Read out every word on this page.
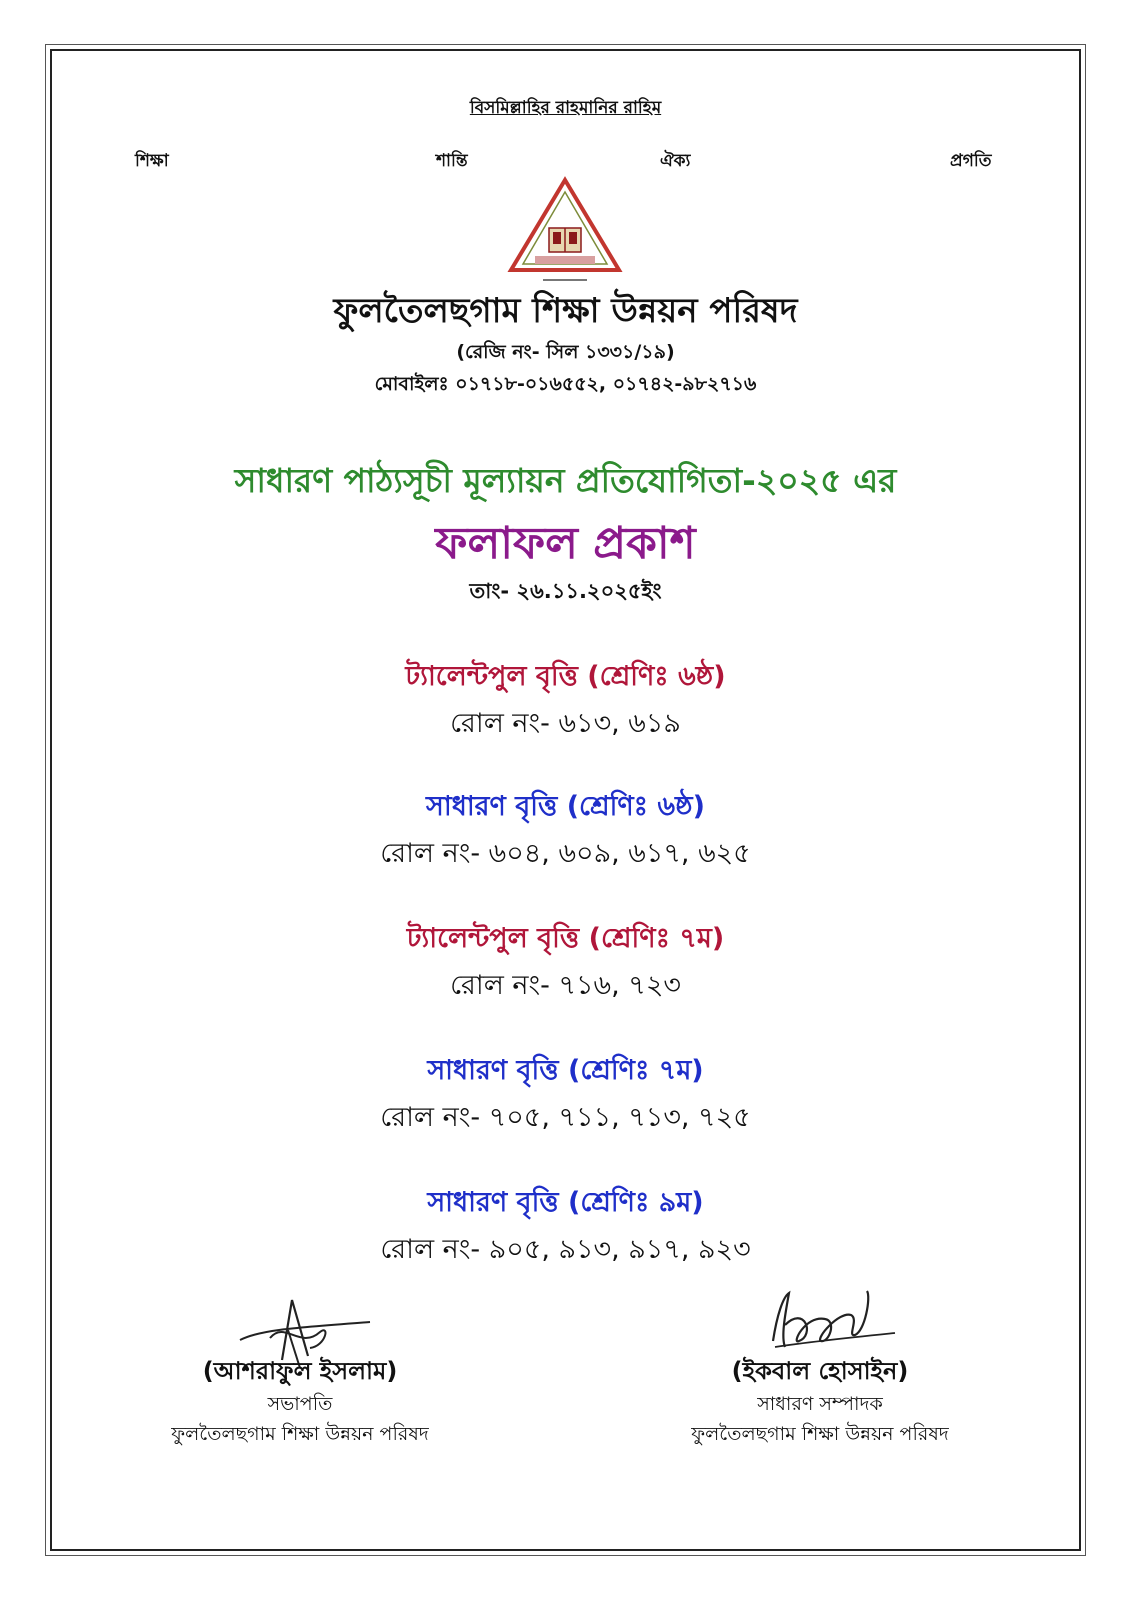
বিসমিল্লাহির রাহমানির রাহিম
শিক্ষা	শান্তি	ঐক্য	প্রগতি
ফুলতৈলছগাম শিক্ষা উন্নয়ন পরিষদ
(রেজি নং- সিল ১৩৩১/১৯)
মোবাইলঃ ০১৭১৮-০১৬৫৫২, ০১৭৪২-৯৮২৭১৬
সাধারণ পাঠ্যসূচী মূল্যায়ন প্রতিযোগিতা-২০২৫ এর
ফলাফল প্রকাশ
তাং- ২৬.১১.২০২৫ইং
ট্যালেন্টপুল বৃত্তি (শ্রেণিঃ ৬ষ্ঠ)
রোল নং- ৬১৩, ৬১৯
সাধারণ বৃত্তি (শ্রেণিঃ ৬ষ্ঠ)
রোল নং- ৬০৪, ৬০৯, ৬১৭, ৬২৫
ট্যালেন্টপুল বৃত্তি (শ্রেণিঃ ৭ম)
রোল নং- ৭১৬, ৭২৩
সাধারণ বৃত্তি (শ্রেণিঃ ৭ম)
রোল নং- ৭০৫, ৭১১, ৭১৩, ৭২৫
সাধারণ বৃত্তি (শ্রেণিঃ ৯ম)
রোল নং- ৯০৫, ৯১৩, ৯১৭, ৯২৩
(আশরাফুল ইসলাম)
সভাপতি
ফুলতৈলছগাম শিক্ষা উন্নয়ন পরিষদ
(ইকবাল হোসাইন)
সাধারণ সম্পাদক
ফুলতৈলছগাম শিক্ষা উন্নয়ন পরিষদ
